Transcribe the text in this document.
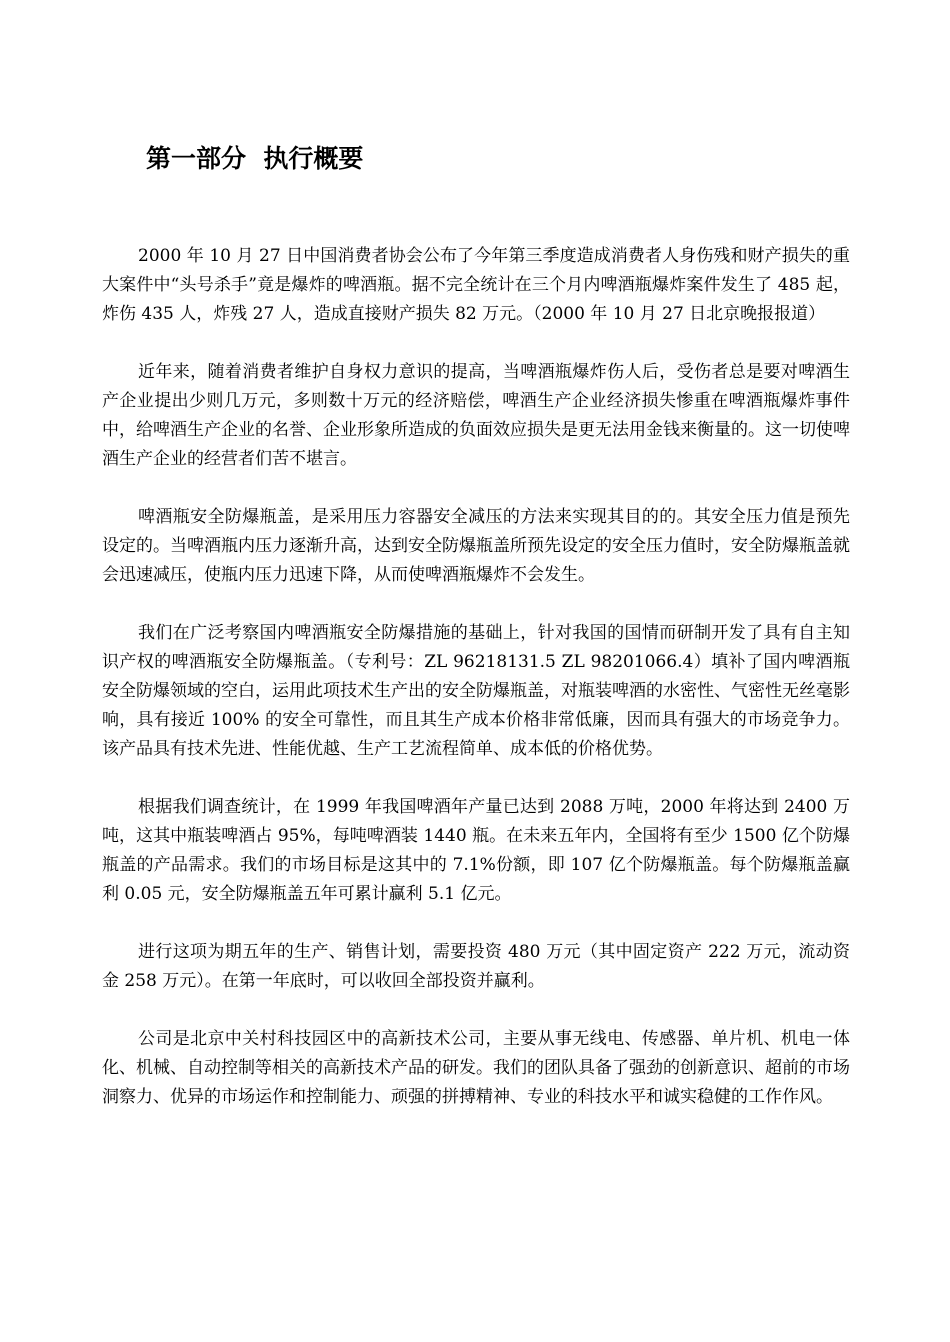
第一部分  执行概要

2000 年 10 月 27 日中国消费者协会公布了今年第三季度造成消费者人身伤残和财产损失的重大案件中“头号杀手”竟是爆炸的啤酒瓶。据不完全统计在三个月内啤酒瓶爆炸案件发生了 485 起，炸伤 435 人，炸残 27 人，造成直接财产损失 82 万元。（2000 年 10 月 27 日北京晚报报道）

近年来，随着消费者维护自身权力意识的提高，当啤酒瓶爆炸伤人后，受伤者总是要对啤酒生产企业提出少则几万元，多则数十万元的经济赔偿，啤酒生产企业经济损失惨重在啤酒瓶爆炸事件中，给啤酒生产企业的名誉、企业形象所造成的负面效应损失是更无法用金钱来衡量的。这一切使啤酒生产企业的经营者们苦不堪言。

啤酒瓶安全防爆瓶盖，是采用压力容器安全减压的方法来实现其目的的。其安全压力值是预先设定的。当啤酒瓶内压力逐渐升高，达到安全防爆瓶盖所预先设定的安全压力值时，安全防爆瓶盖就会迅速减压，使瓶内压力迅速下降，从而使啤酒瓶爆炸不会发生。

我们在广泛考察国内啤酒瓶安全防爆措施的基础上，针对我国的国情而研制开发了具有自主知识产权的啤酒瓶安全防爆瓶盖。（专利号：ZL 96218131.5 ZL 98201066.4）填补了国内啤酒瓶安全防爆领域的空白，运用此项技术生产出的安全防爆瓶盖，对瓶装啤酒的水密性、气密性无丝毫影响，具有接近 100% 的安全可靠性，而且其生产成本价格非常低廉，因而具有强大的市场竞争力。该产品具有技术先进、性能优越、生产工艺流程简单、成本低的价格优势。

根据我们调查统计，在 1999 年我国啤酒年产量已达到 2088 万吨，2000 年将达到 2400 万吨，这其中瓶装啤酒占 95%，每吨啤酒装 1440 瓶。在未来五年内，全国将有至少 1500 亿个防爆瓶盖的产品需求。我们的市场目标是这其中的 7.1%份额，即 107 亿个防爆瓶盖。每个防爆瓶盖赢利 0.05 元，安全防爆瓶盖五年可累计赢利 5.1 亿元。

进行这项为期五年的生产、销售计划，需要投资 480 万元（其中固定资产 222 万元，流动资金 258 万元）。在第一年底时，可以收回全部投资并赢利。

公司是北京中关村科技园区中的高新技术公司，主要从事无线电、传感器、单片机、机电一体化、机械、自动控制等相关的高新技术产品的研发。我们的团队具备了强劲的创新意识、超前的市场洞察力、优异的市场运作和控制能力、顽强的拼搏精神、专业的科技水平和诚实稳健的工作作风。
